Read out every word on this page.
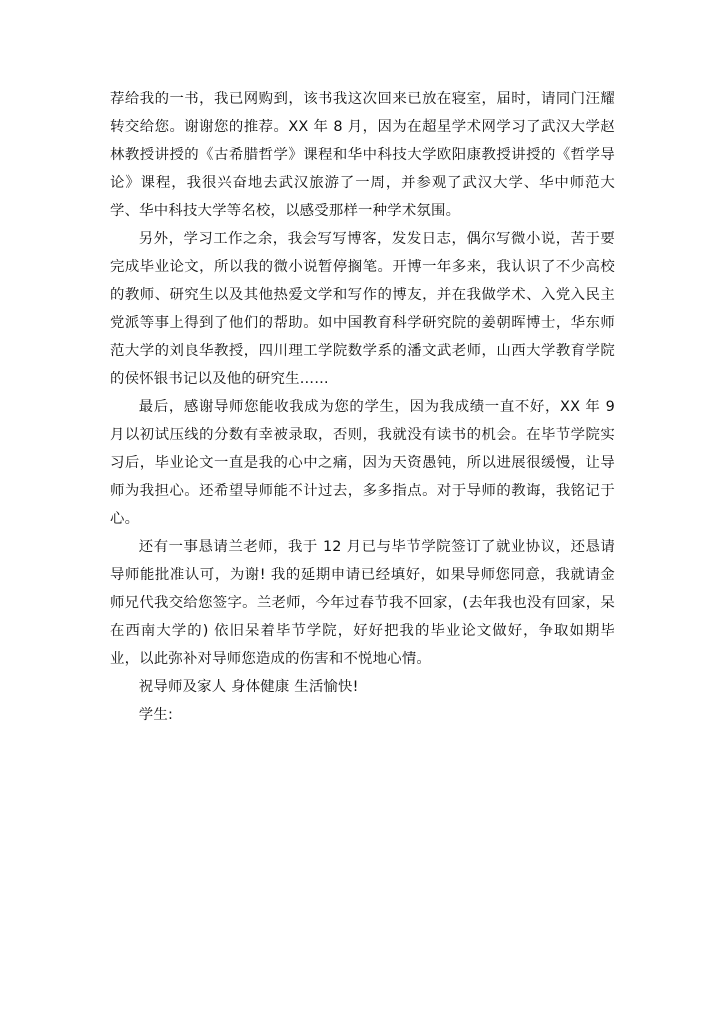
荐给我的一书，我已网购到，该书我这次回来已放在寝室，届时，请同门汪耀转交给您。谢谢您的推荐。XX 年 8 月，因为在超星学术网学习了武汉大学赵林教授讲授的《古希腊哲学》课程和华中科技大学欧阳康教授讲授的《哲学导论》课程，我很兴奋地去武汉旅游了一周，并参观了武汉大学、华中师范大学、华中科技大学等名校，以感受那样一种学术氛围。

另外，学习工作之余，我会写写博客，发发日志，偶尔写微小说，苦于要完成毕业论文，所以我的微小说暂停搁笔。开博一年多来，我认识了不少高校的教师、研究生以及其他热爱文学和写作的博友，并在我做学术、入党入民主党派等事上得到了他们的帮助。如中国教育科学研究院的姜朝晖博士，华东师范大学的刘良华教授，四川理工学院数学系的潘文武老师，山西大学教育学院的侯怀银书记以及他的研究生……

最后，感谢导师您能收我成为您的学生，因为我成绩一直不好，XX 年 9 月以初试压线的分数有幸被录取，否则，我就没有读书的机会。在毕节学院实习后，毕业论文一直是我的心中之痛，因为天资愚钝，所以进展很缓慢，让导师为我担心。还希望导师能不计过去，多多指点。对于导师的教诲，我铭记于心。

还有一事恳请兰老师，我于 12 月已与毕节学院签订了就业协议，还恳请导师能批准认可，为谢! 我的延期申请已经填好，如果导师您同意，我就请金师兄代我交给您签字。兰老师，今年过春节我不回家，(去年我也没有回家，呆在西南大学的) 依旧呆着毕节学院，好好把我的毕业论文做好，争取如期毕业，以此弥补对导师您造成的伤害和不悦地心情。

祝导师及家人 身体健康 生活愉快!

学生:
